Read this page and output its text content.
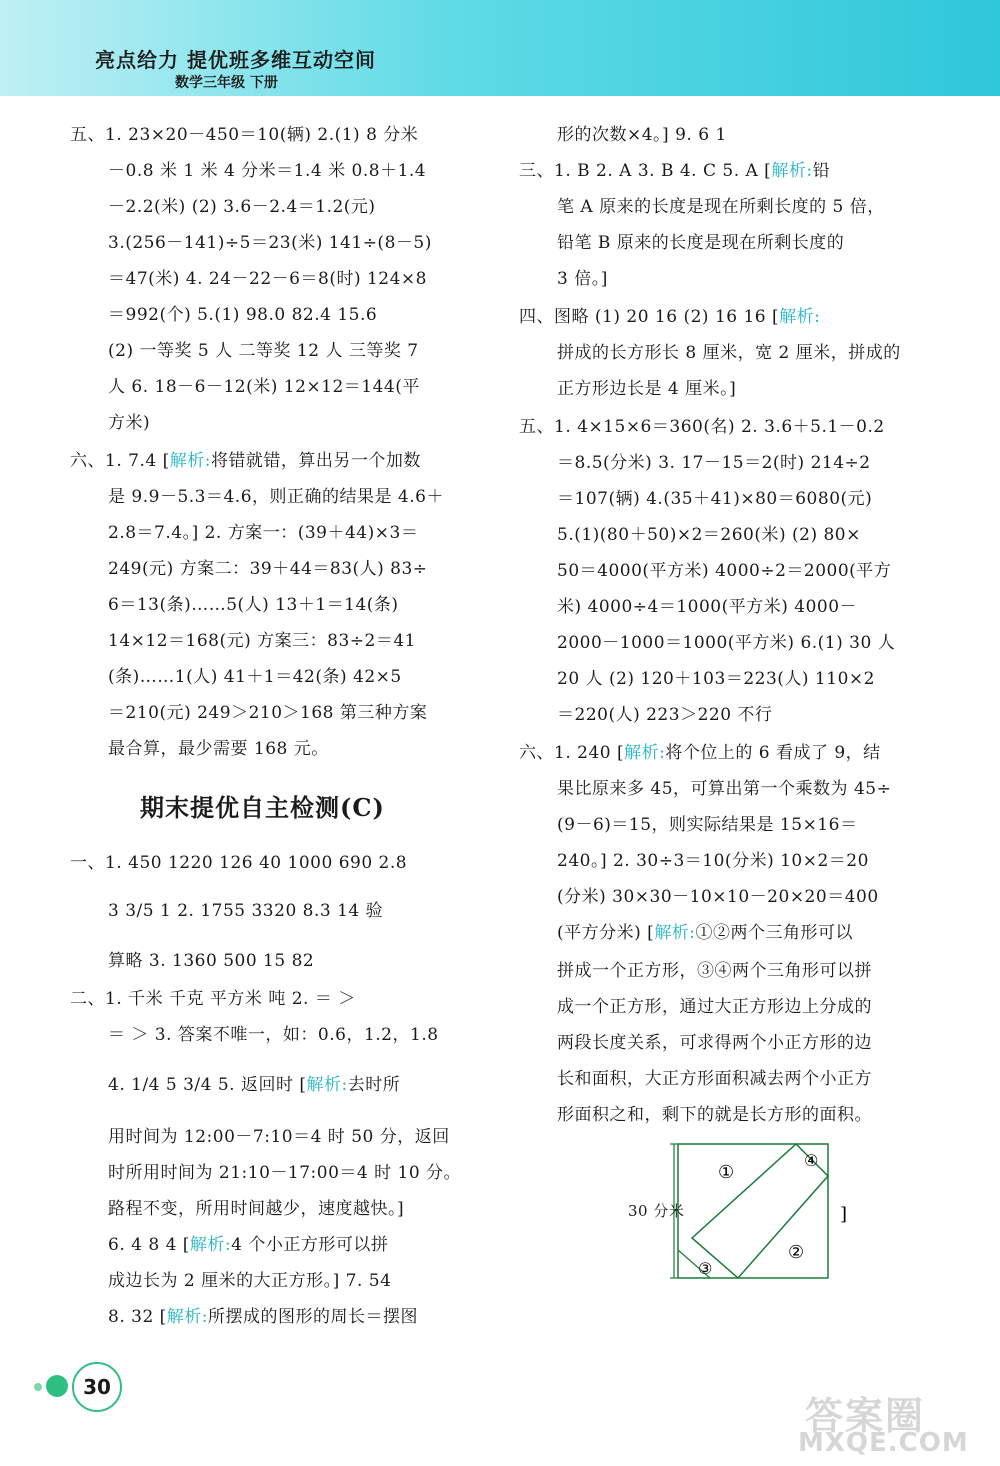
亮点给力 提优班多维互动空间
数学三年级 下册
五、1. 23×20－450＝10(辆) 2.(1) 8 分米
－0.8 米 1 米 4 分米＝1.4 米 0.8＋1.4
－2.2(米) (2) 3.6－2.4＝1.2(元)
3.(256－141)÷5＝23(米) 141÷(8－5)
＝47(米) 4. 24－22－6＝8(时) 124×8
＝992(个) 5.(1) 98.0 82.4 15.6
(2) 一等奖 5 人 二等奖 12 人 三等奖 7
人 6. 18－6－12(米) 12×12＝144(平
方米)
六、1. 7.4 [解析:将错就错，算出另一个加数
是 9.9－5.3＝4.6，则正确的结果是 4.6＋
2.8＝7.4。] 2. 方案一：(39＋44)×3＝
249(元) 方案二：39＋44＝83(人) 83÷
6＝13(条)……5(人) 13＋1＝14(条)
14×12＝168(元) 方案三：83÷2＝41
(条)……1(人) 41＋1＝42(条) 42×5
＝210(元) 249＞210＞168 第三种方案
最合算，最少需要 168 元。
期末提优自主检测(C)
一、1. 450 1220 126 40 1000 690 2.8
3 3/5 1 2. 1755 3320 8.3 14 验
算略 3. 1360 500 15 82
二、1. 千米 千克 平方米 吨 2. ＝ ＞
＝ ＞ 3. 答案不唯一，如：0.6，1.2，1.8
4. 1/4 5 3/4 5. 返回时 [解析:去时所
用时间为 12:00－7:10＝4 时 50 分，返回
时所用时间为 21:10－17:00＝4 时 10 分。
路程不变，所用时间越少，速度越快。]
6. 4 8 4 [解析:4 个小正方形可以拼
成边长为 2 厘米的大正方形。] 7. 54
8. 32 [解析:所摆成的图形的周长＝摆图
形的次数×4。] 9. 6 1
三、1. B 2. A 3. B 4. C 5. A [解析:铅
笔 A 原来的长度是现在所剩长度的 5 倍，
铅笔 B 原来的长度是现在所剩长度的
3 倍。]
四、图略 (1) 20 16 (2) 16 16 [解析:
拼成的长方形长 8 厘米，宽 2 厘米，拼成的
正方形边长是 4 厘米。]
五、1. 4×15×6＝360(名) 2. 3.6＋5.1－0.2
＝8.5(分米) 3. 17－15＝2(时) 214÷2
＝107(辆) 4.(35＋41)×80＝6080(元)
5.(1)(80＋50)×2＝260(米) (2) 80×
50＝4000(平方米) 4000÷2＝2000(平方
米) 4000÷4＝1000(平方米) 4000－
2000－1000＝1000(平方米) 6.(1) 30 人
20 人 (2) 120＋103＝223(人) 110×2
＝220(人) 223＞220 不行
六、1. 240 [解析:将个位上的 6 看成了 9，结
果比原来多 45，可算出第一个乘数为 45÷
(9－6)＝15，则实际结果是 15×16＝
240。] 2. 30÷3＝10(分米) 10×2＝20
(分米) 30×30－10×10－20×20＝400
(平方分米) [解析:①②两个三角形可以
拼成一个正方形，③④两个三角形可以拼
成一个正方形，通过大正方形边上分成的
两段长度关系，可求得两个小正方形的边
长和面积，大正方形面积减去两个小正方
形面积之和，剩下的就是长方形的面积。
①
②
③
④
]
30 分米
30
答案圈
MXQE.COM
